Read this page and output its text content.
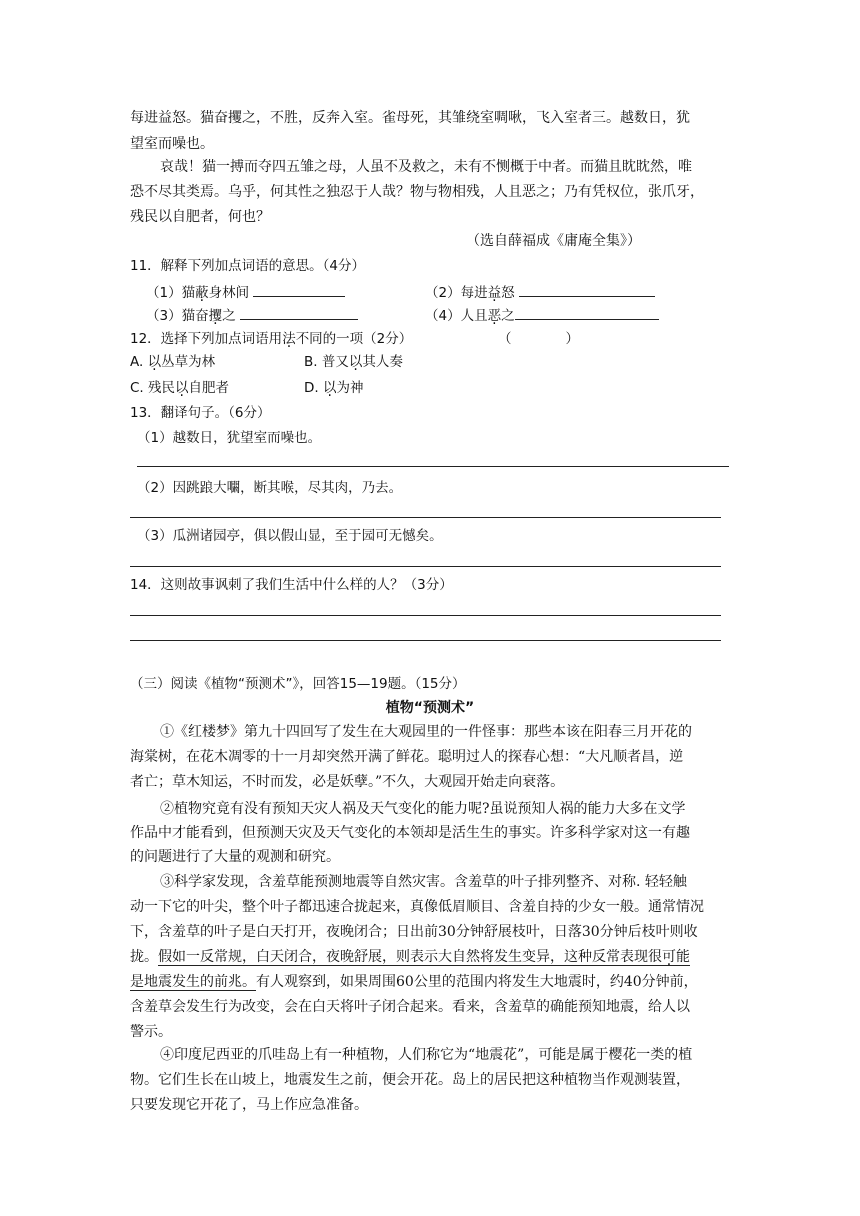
每进益怒。猫奋攫之，不胜，反奔入室。雀母死，其雏绕室啁啾，飞入室者三。越数日，犹
望室而噪也。
哀哉！猫一搏而夺四五雏之母，人虽不及救之，未有不恻概于中者。而猫且眈眈然，唯
恐不尽其类焉。乌乎，何其性之独忍于人哉？物与物相残，人且恶之；乃有凭权位，张爪牙，
残民以自肥者，何也？
（选自薛福成《庸庵全集》）
11．解释下列加点词语的意思。（4分）
（1）猫蔽身林间	（2）每进益怒
（3）猫奋攫之	（4）人且恶之
12．选择下列加点词语用法不同的一项（2分）	（　　　　）
A. 以丛草为林	B. 普又以其人奏
C. 残民以自肥者	D. 以为神
13．翻译句子。（6分）
（1）越数日，犹望室而噪也。
（2）因跳踉大㘚，断其喉，尽其肉，乃去。
（3）瓜洲诸园亭，俱以假山显，至于园可无憾矣。
14．这则故事讽刺了我们生活中什么样的人？（3分）
（三）阅读《植物“预测术”》，回答15—19题。（15分）
植物“预测术”
①《红楼梦》第九十四回写了发生在大观园里的一件怪事：那些本该在阳春三月开花的
海棠树，在花木凋零的十一月却突然开满了鲜花。聪明过人的探春心想：“大凡顺者昌，逆
者亡；草木知运，不时而发，必是妖孽。”不久，大观园开始走向衰落。
②植物究竟有没有预知天灾人祸及天气变化的能力呢?虽说预知人祸的能力大多在文学
作品中才能看到，但预测天灾及天气变化的本领却是活生生的事实。许多科学家对这一有趣
的问题进行了大量的观测和研究。
③科学家发现，含羞草能预测地震等自然灾害。含羞草的叶子排列整齐、对称. 轻轻触
动一下它的叶尖，整个叶子都迅速合拢起来，真像低眉顺目、含羞自持的少女一般。通常情况
下，含羞草的叶子是白天打开，夜晚闭合；日出前30分钟舒展枝叶，日落30分钟后枝叶则收
拢。假如一反常规，白天闭合，夜晚舒展，则表示大自然将发生变异，这种反常表现很可能
是地震发生的前兆。有人观察到，如果周围60公里的范围内将发生大地震时，约40分钟前，
含羞草会发生行为改变，会在白天将叶子闭合起来。看来，含羞草的确能预知地震，给人以
警示。
④印度尼西亚的爪哇岛上有一种植物，人们称它为“地震花”，可能是属于樱花一类的植
物。它们生长在山坡上，地震发生之前，便会开花。岛上的居民把这种植物当作观测装置，
只要发现它开花了，马上作应急准备。
